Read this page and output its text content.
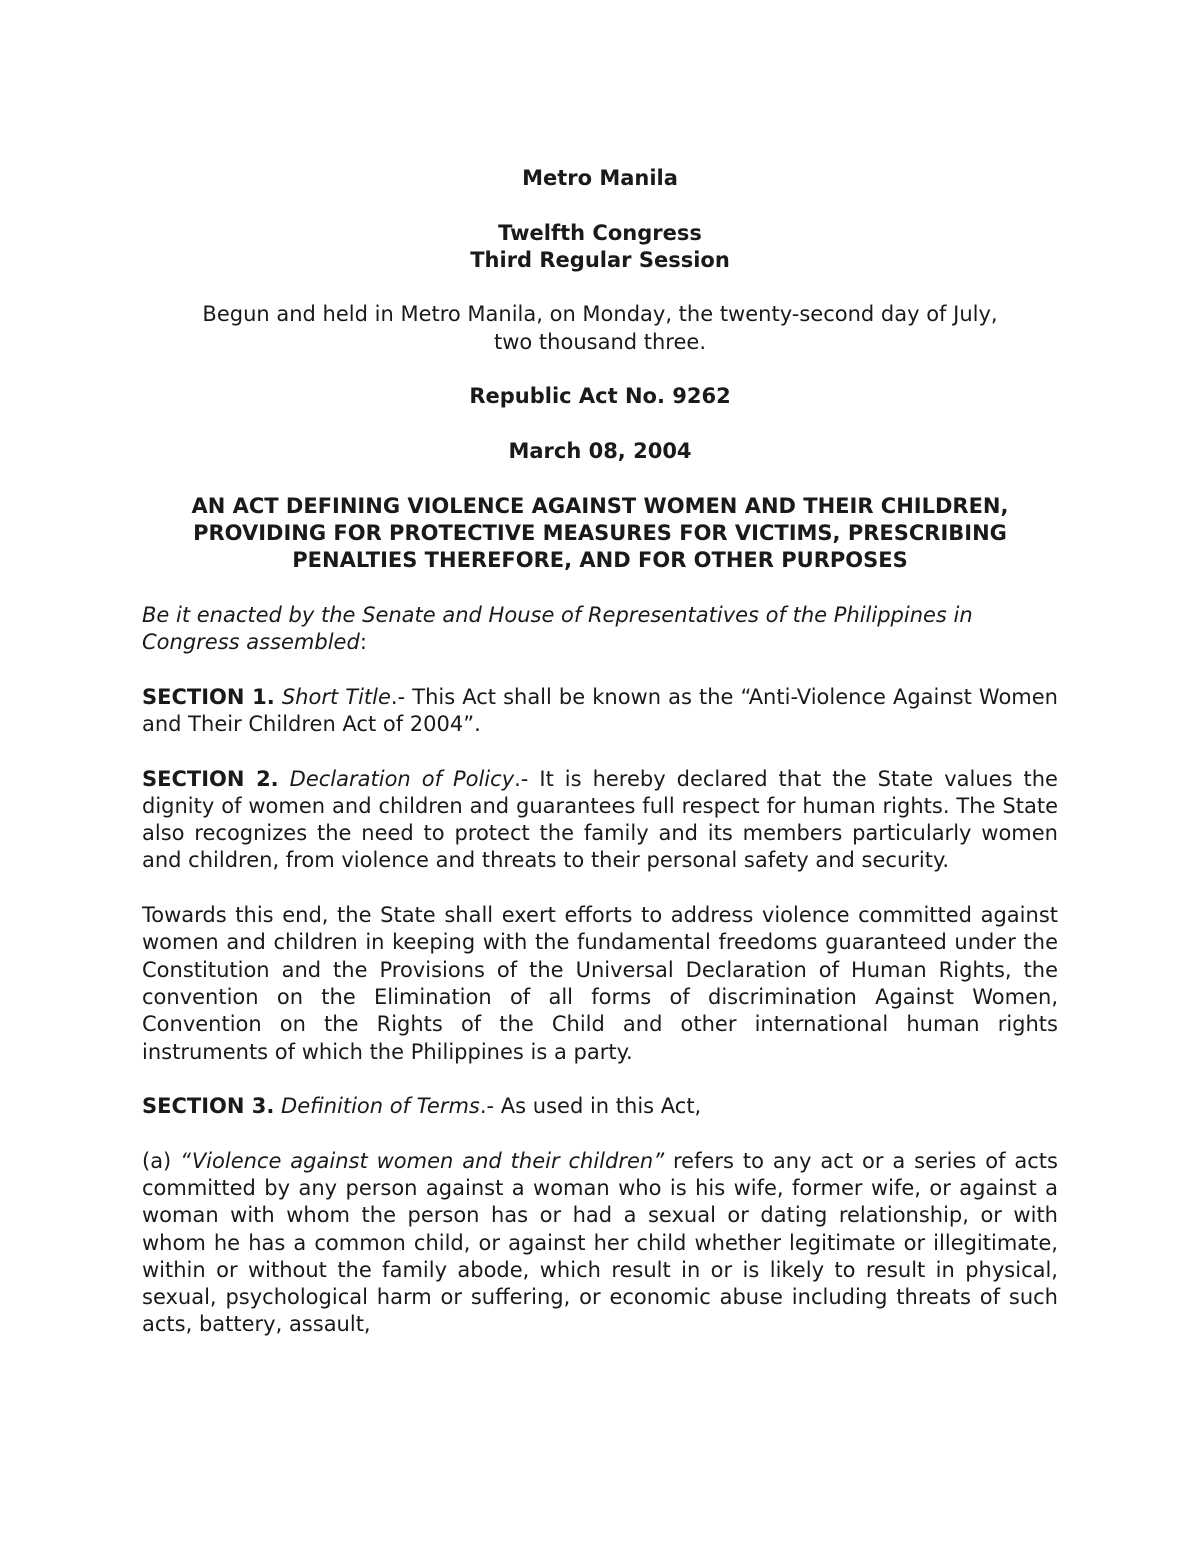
Metro Manila

Twelfth Congress

Third Regular Session

Begun and held in Metro Manila, on Monday, the twenty-second day of July,

two thousand three.

Republic Act No. 9262

March 08, 2004

AN ACT DEFINING VIOLENCE AGAINST WOMEN AND THEIR CHILDREN,

PROVIDING FOR PROTECTIVE MEASURES FOR VICTIMS, PRESCRIBING

PENALTIES THEREFORE, AND FOR OTHER PURPOSES

Be it enacted by the Senate and House of Representatives of the Philippines in Congress assembled:

SECTION 1. Short Title.- This Act shall be known as the “Anti-Violence Against Women and Their Children Act of 2004”.

SECTION 2. Declaration of Policy.- It is hereby declared that the State values the dignity of women and children and guarantees full respect for human rights. The State also recognizes the need to protect the family and its members particularly women and children, from violence and threats to their personal safety and security.

Towards this end, the State shall exert efforts to address violence committed against women and children in keeping with the fundamental freedoms guaranteed under the Constitution and the Provisions of the Universal Declaration of Human Rights, the convention on the Elimination of all forms of discrimination Against Women, Convention on the Rights of the Child and other international human rights instruments of which the Philippines is a party.

SECTION 3. Definition of Terms.- As used in this Act,

(a) “Violence against women and their children” refers to any act or a series of acts committed by any person against a woman who is his wife, former wife, or against a woman with whom the person has or had a sexual or dating relationship, or with whom he has a common child, or against her child whether legitimate or illegitimate, within or without the family abode, which result in or is likely to result in physical, sexual, psychological harm or suffering, or economic abuse including threats of such acts, battery, assault,
